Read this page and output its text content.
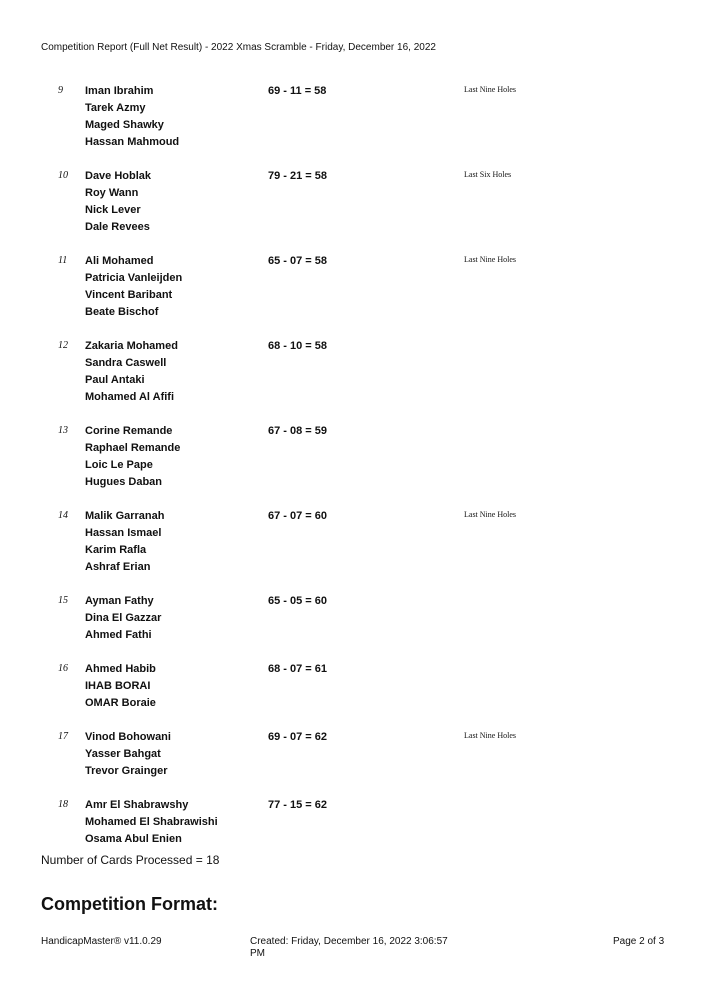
Competition Report (Full Net Result) - 2022 Xmas Scramble - Friday, December 16, 2022
9 Iman Ibrahim
Tarek Azmy
Maged Shawky
Hassan Mahmoud
69 - 11 = 58	Last Nine Holes
10 Dave Hoblak
Roy Wann
Nick Lever
Dale Revees
79 - 21 = 58	Last Six Holes
11 Ali Mohamed
Patricia Vanleijden
Vincent Baribant
Beate Bischof
65 - 07 = 58	Last Nine Holes
12 Zakaria Mohamed
Sandra Caswell
Paul Antaki
Mohamed Al Afifi
68 - 10 = 58
13 Corine Remande
Raphael Remande
Loic Le Pape
Hugues Daban
67 - 08 = 59
14 Malik Garranah
Hassan Ismael
Karim Rafla
Ashraf Erian
67 - 07 = 60	Last Nine Holes
15 Ayman Fathy
Dina El Gazzar
Ahmed Fathi
65 - 05 = 60
16 Ahmed Habib
IHAB BORAI
OMAR Boraie
68 - 07 = 61
17 Vinod Bohowani
Yasser Bahgat
Trevor Grainger
69 - 07 = 62	Last Nine Holes
18 Amr El Shabrawshy
Mohamed El Shabrawishi
Osama Abul Enien
77 - 15 = 62
Number of Cards Processed = 18
Competition Format:
HandicapMaster® v11.0.29	Created: Friday, December 16, 2022 3:06:57 PM
Page 2 of 3
